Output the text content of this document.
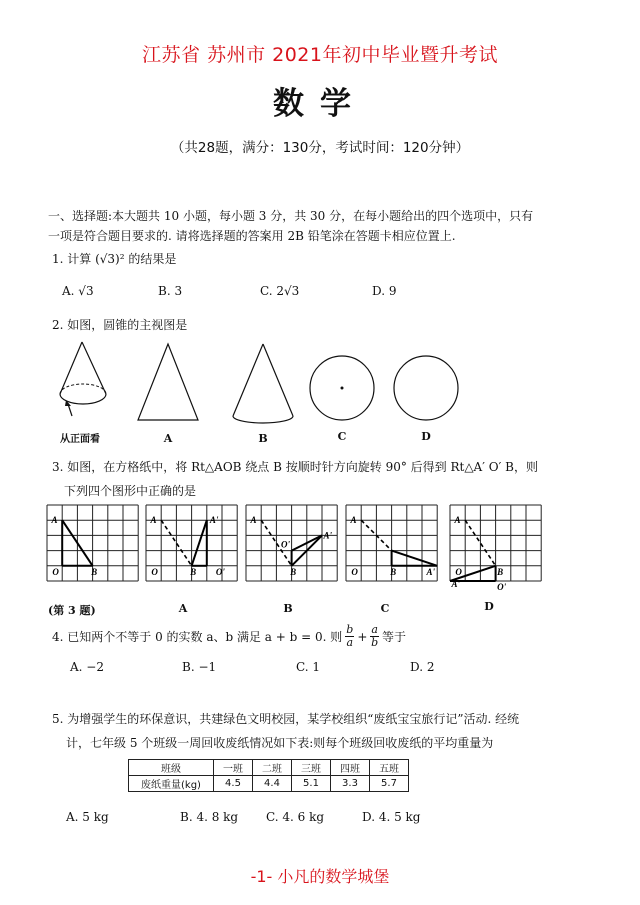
江苏省 苏州市 2021年初中毕业暨升考试
数学
（共28题，满分：130分，考试时间：120分钟）
一、选择题:本大题共 10 小题，每小题 3 分，共 30 分，在每小题给出的四个选项中，只有
一项是符合题目要求的. 请将选择题的答案用 2B 铅笔涂在答题卡相应位置上.
1. 计算 (√3)² 的结果是
A. √3	B. 3	C. 2√3	D. 9
2. 如图，圆锥的主视图是
从正面看	A	B	C	D
3. 如图，在方格纸中，将 Rt△AOB 绕点 B 按顺时针方向旋转 90° 后得到 Rt△A′ O′ B，则
下列四个图形中正确的是
A
O	B
A
O	B
A'
O'
A
O'
B
A'
A
O	B	A'
A
O	B
A'	O'
(第 3 题)	A	B	C	D
4. 已知两个不等于 0 的实数 a、b 满足 a + b = 0. 则 $\frac{b}{a} + \frac{a}{b}$ 等于
A. −2	B. −1	C. 1	D. 2
5. 为增强学生的环保意识，共建绿色文明校园，某学校组织“废纸宝宝旅行记”活动. 经统
计，七年级 5 个班级一周回收废纸情况如下表:则每个班级回收废纸的平均重量为
班级	一班	二班	三班	四班	五班
废纸重量(kg)	4.5	4.4	5.1	3.3	5.7
A. 5 kg	B. 4. 8 kg C. 4. 6 kg	D. 4. 5 kg
-1- 小凡的数学城堡
